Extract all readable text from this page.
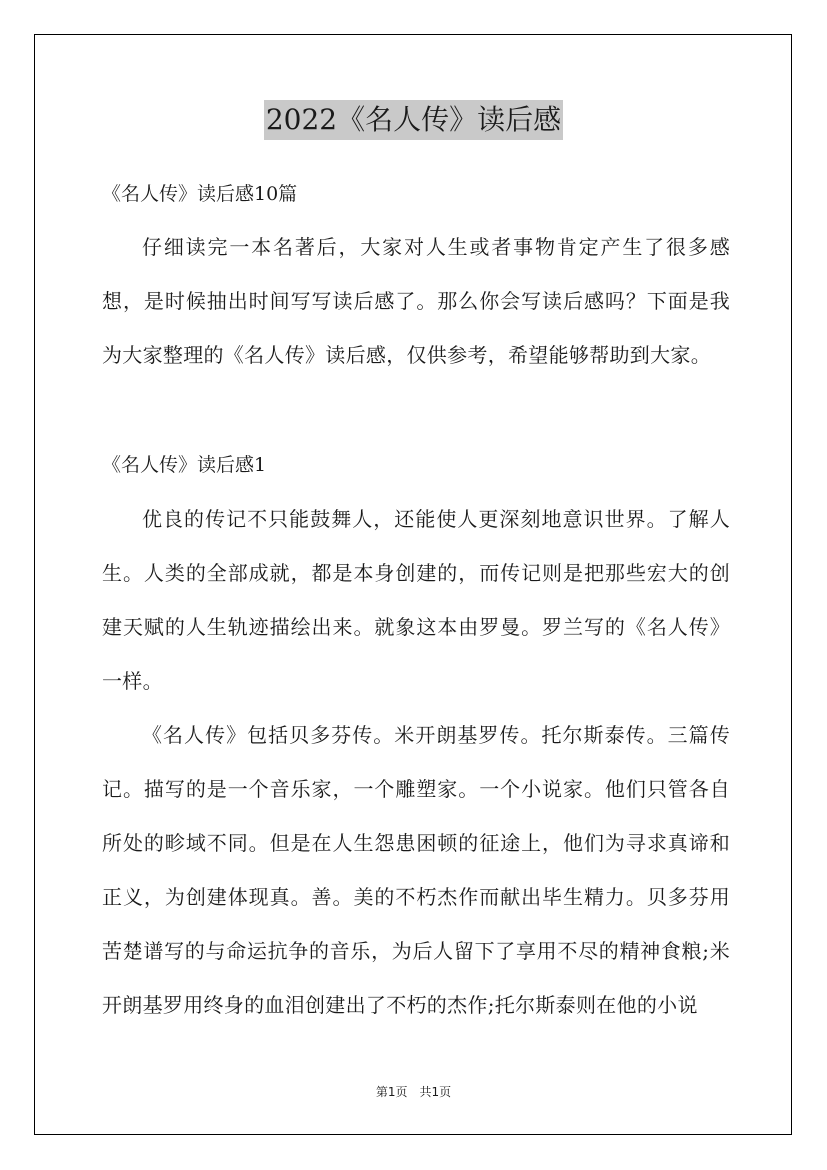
2022《名人传》读后感
《名人传》读后感10篇

仔细读完一本名著后，大家对人生或者事物肯定产生了很多感想，是时候抽出时间写写读后感了。那么你会写读后感吗？下面是我为大家整理的《名人传》读后感，仅供参考，希望能够帮助到大家。

《名人传》读后感1

优良的传记不只能鼓舞人，还能使人更深刻地意识世界。了解人生。人类的全部成就，都是本身创建的，而传记则是把那些宏大的创建天赋的人生轨迹描绘出来。就象这本由罗曼。罗兰写的《名人传》一样。

《名人传》包括贝多芬传。米开朗基罗传。托尔斯泰传。三篇传记。描写的是一个音乐家，一个雕塑家。一个小说家。他们只管各自所处的畛域不同。但是在人生怨患困顿的征途上，他们为寻求真谛和正义，为创建体现真。善。美的不朽杰作而献出毕生精力。贝多芬用苦楚谱写的与命运抗争的音乐，为后人留下了享用不尽的精神食粮;米开朗基罗用终身的血泪创建出了不朽的杰作;托尔斯泰则在他的小说

第1页　共1页
